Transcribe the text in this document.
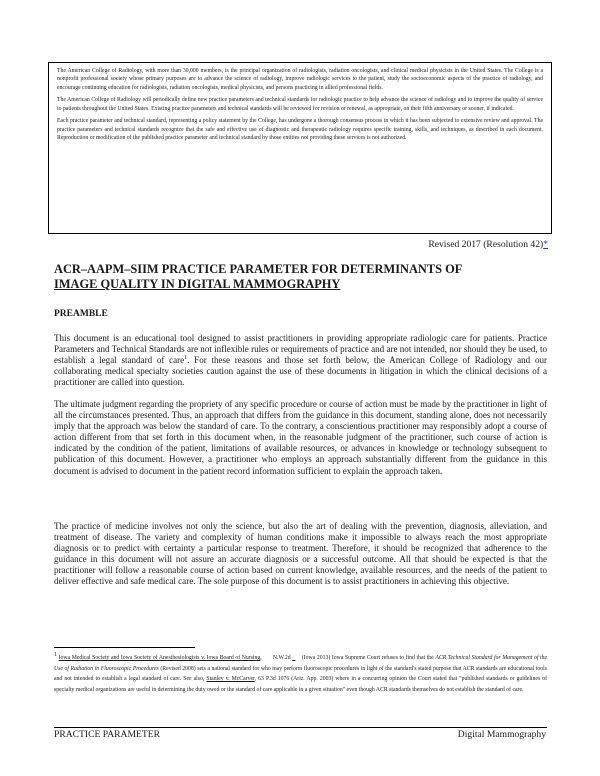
The American College of Radiology, with more than 30,000 members, is the principal organization of radiologists, radiation oncologists, and clinical medical physicists in the United States. The College is a nonprofit professional society whose primary purposes are to advance the science of radiology, improve radiologic services to the patient, study the socioeconomic aspects of the practice of radiology, and encourage continuing education for radiologists, radiation oncologists, medical physicists, and persons practicing in allied professional fields.

The American College of Radiology will periodically define new practice parameters and technical standards for radiologic practice to help advance the science of radiology and to improve the quality of service to patients throughout the United States. Existing practice parameters and technical standards will be reviewed for revision or renewal, as appropriate, on their fifth anniversary or sooner, if indicated.

Each practice parameter and technical standard, representing a policy statement by the College, has undergone a thorough consensus process in which it has been subjected to extensive review and approval. The practice parameters and technical standards recognize that the safe and effective use of diagnostic and therapeutic radiology requires specific training, skills, and techniques, as described in each document. Reproduction or modification of the published practice parameter and technical standard by those entities not providing these services is not authorized.

Revised 2017 (Resolution 42)*
ACR–AAPM–SIIM PRACTICE PARAMETER FOR DETERMINANTS OF
IMAGE QUALITY IN DIGITAL MAMMOGRAPHY
PREAMBLE

This document is an educational tool designed to assist practitioners in providing appropriate radiologic care for patients. Practice Parameters and Technical Standards are not inflexible rules or requirements of practice and are not intended, nor should they be used, to establish a legal standard of care$^1$. For these reasons and those set forth below, the American College of Radiology and our collaborating medical specialty societies caution against the use of these documents in litigation in which the clinical decisions of a practitioner are called into question.

The ultimate judgment regarding the propriety of any specific procedure or course of action must be made by the practitioner in light of all the circumstances presented. Thus, an approach that differs from the guidance in this document, standing alone, does not necessarily imply that the approach was below the standard of care. To the contrary, a conscientious practitioner may responsibly adopt a course of action different from that set forth in this document when, in the reasonable judgment of the practitioner, such course of action is indicated by the condition of the patient, limitations of available resources, or advances in knowledge or technology subsequent to publication of this document. However, a practitioner who employs an approach substantially different from the guidance in this document is advised to document in the patient record information sufficient to explain the approach taken.

The practice of medicine involves not only the science, but also the art of dealing with the prevention, diagnosis, alleviation, and treatment of disease. The variety and complexity of human conditions make it impossible to always reach the most appropriate diagnosis or to predict with certainty a particular response to treatment. Therefore, it should be recognized that adherence to the guidance in this document will not assure an accurate diagnosis or a successful outcome. All that should be expected is that the practitioner will follow a reasonable course of action based on current knowledge, available resources, and the needs of the patient to deliver effective and safe medical care. The sole purpose of this document is to assist practitioners in achieving this objective.

$^1$ Iowa Medical Society and Iowa Society of Anesthesiologists v. Iowa Board of Nursing,       N.W.2d (Iowa 2013) Iowa Supreme Court refuses to find that the ACR Technical Standard for Management of the Use of Radiation in Fluoroscopic Procedures (Revised 2008) sets a national standard for who may perform fluoroscopic procedures in light of the standard's stated purpose that ACR standards are educational tools and not intended to establish a legal standard of care. See also, Stanley v. McCarver, 63 P.3d 1076 (Ariz. App. 2003) where in a concurring opinion the Court stated that "published standards or guidelines of specialty medical organizations are useful in determining the duty owed or the standard of care applicable in a given situation" even though ACR standards themselves do not establish the standard of care.

PRACTICE PARAMETER	Digital Mammography
